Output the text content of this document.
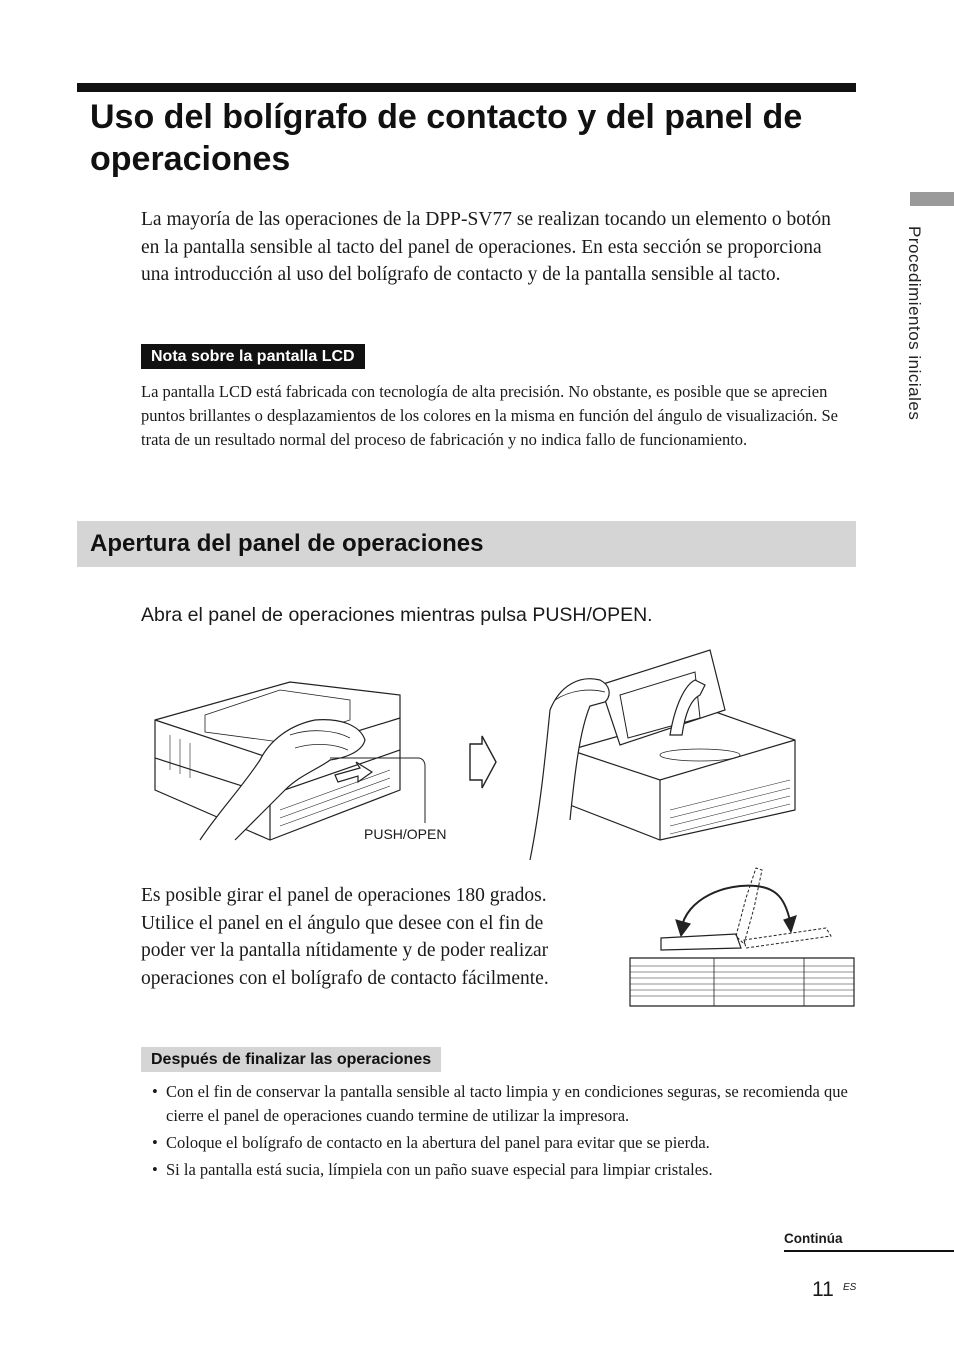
Uso del bolígrafo de contacto y del panel de operaciones
Procedimientos iniciales

La mayoría de las operaciones de la DPP-SV77 se realizan tocando un elemento o botón en la pantalla sensible al tacto del panel de operaciones. En esta sección se proporciona una introducción al uso del bolígrafo de contacto y de la pantalla sensible al tacto.

Nota sobre la pantalla LCD

La pantalla LCD está fabricada con tecnología de alta precisión. No obstante, es posible que se aprecien puntos brillantes o desplazamientos de los colores en la misma en función del ángulo de visualización. Se trata de un resultado normal del proceso de fabricación y no indica fallo de funcionamiento.

Apertura del panel de operaciones

Abra el panel de operaciones mientras pulsa PUSH/OPEN.

PUSH/OPEN

Es posible girar el panel de operaciones 180 grados. Utilice el panel en el ángulo que desee con el fin de poder ver la pantalla nítidamente y de poder realizar operaciones con el bolígrafo de contacto fácilmente.

Después de finalizar las operaciones
• Con el fin de conservar la pantalla sensible al tacto limpia y en condiciones seguras, se recomienda que cierre el panel de operaciones cuando termine de utilizar la impresora.
• Coloque el bolígrafo de contacto en la abertura del panel para evitar que se pierda.
• Si la pantalla está sucia, límpiela con un paño suave especial para limpiar cristales.
Continúa
11 ES
